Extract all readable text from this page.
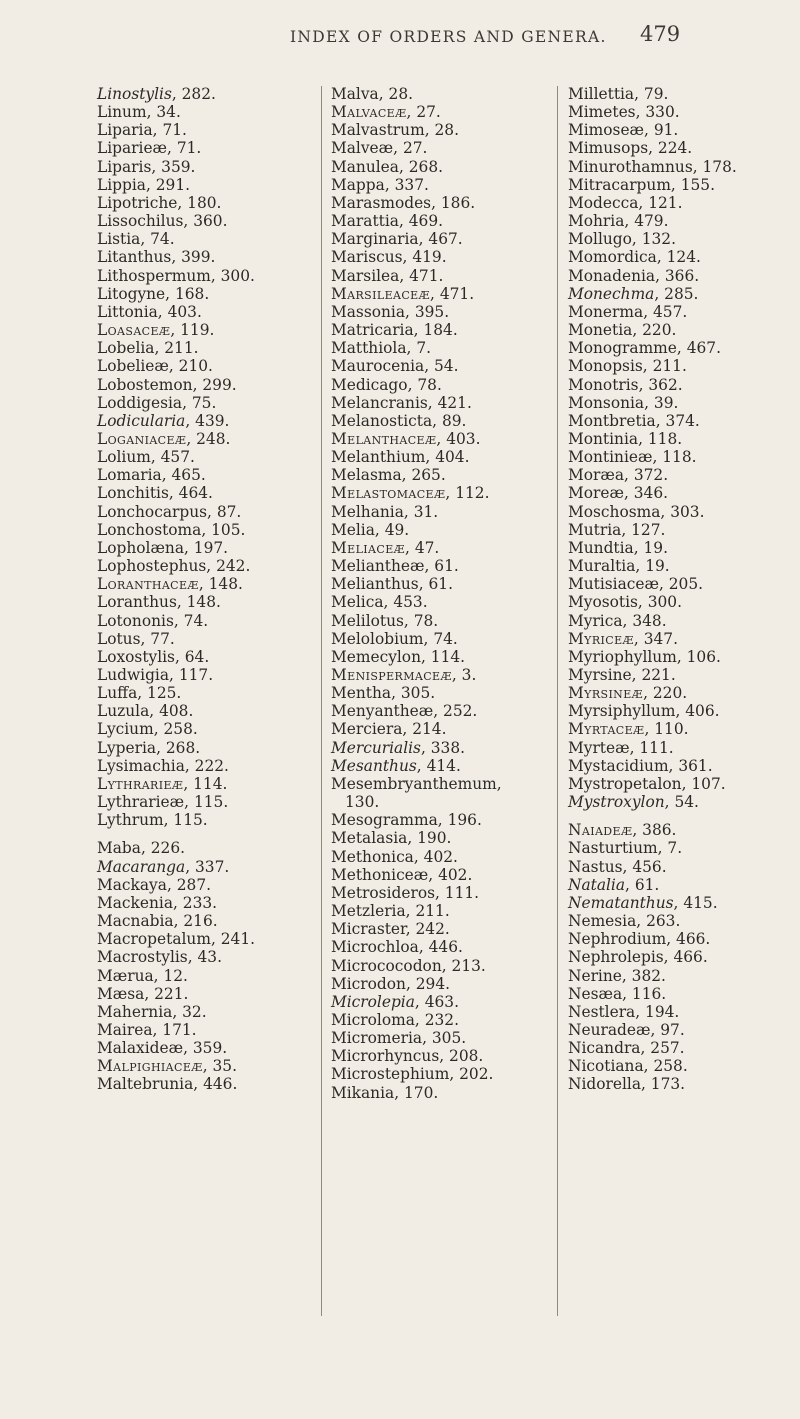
INDEX OF ORDERS AND GENERA. 479
Linostylis, 282.
Linum, 34.
Liparia, 71.
Liparieæ, 71.
Liparis, 359.
Lippia, 291.
Lipotriche, 180.
Lissochilus, 360.
Listia, 74.
Litanthus, 399.
Lithospermum, 300.
Litogyne, 168.
Littonia, 403.
Loasaceæ, 119.
Lobelia, 211.
Lobelieæ, 210.
Lobostemon, 299.
Loddigesia, 75.
Lodicularia, 439.
Loganiaceæ, 248.
Lolium, 457.
Lomaria, 465.
Lonchitis, 464.
Lonchocarpus, 87.
Lonchostoma, 105.
Lopholæna, 197.
Lophostephus, 242.
Loranthaceæ, 148.
Loranthus, 148.
Lotononis, 74.
Lotus, 77.
Loxostylis, 64.
Ludwigia, 117.
Luffa, 125.
Luzula, 408.
Lycium, 258.
Lyperia, 268.
Lysimachia, 222.
Lythrarieæ, 114.
Lythrarieæ, 115.
Lythrum, 115.
Maba, 226.
Macaranga, 337.
Mackaya, 287.
Mackenia, 233.
Macnabia, 216.
Macropetalum, 241.
Macrostylis, 43.
Mærua, 12.
Mæsa, 221.
Mahernia, 32.
Mairea, 171.
Malaxideæ, 359.
Malpighiaceæ, 35.
Maltebrunia, 446.
Malva, 28.
Malvaceæ, 27.
Malvastrum, 28.
Malveæ, 27.
Manulea, 268.
Mappa, 337.
Marasmodes, 186.
Marattia, 469.
Marginaria, 467.
Mariscus, 419.
Marsilea, 471.
Marsileaceæ, 471.
Massonia, 395.
Matricaria, 184.
Matthiola, 7.
Maurocenia, 54.
Medicago, 78.
Melancranis, 421.
Melanosticta, 89.
Melanthaceæ, 403.
Melanthium, 404.
Melasma, 265.
Melastomaceæ, 112.
Melhania, 31.
Melia, 49.
Meliaceæ, 47.
Melianthеæ, 61.
Melianthus, 61.
Melica, 453.
Melilotus, 78.
Melolobium, 74.
Memecylon, 114.
Menispermaceæ, 3.
Mentha, 305.
Menyantheæ, 252.
Merciera, 214.
Mercurialis, 338.
Mesanthus, 414.
Mesembryanthemum,
130.
Mesogramma, 196.
Metalasia, 190.
Methonica, 402.
Methoniceæ, 402.
Metrosideros, 111.
Metzleria, 211.
Micraster, 242.
Microchloa, 446.
Micrococodon, 213.
Microdon, 294.
Microlepia, 463.
Microloma, 232.
Micromeria, 305.
Microrhyncus, 208.
Microstephium, 202.
Mikania, 170.
Millettia, 79.
Mimetes, 330.
Mimoseæ, 91.
Mimusops, 224.
Minurothamnus, 178.
Mitracarpum, 155.
Modecca, 121.
Mohria, 479.
Mollugo, 132.
Momordica, 124.
Monadenia, 366.
Monechma, 285.
Monerma, 457.
Monetia, 220.
Monogramme, 467.
Monopsis, 211.
Monotris, 362.
Monsonia, 39.
Montbretia, 374.
Montinia, 118.
Montinieæ, 118.
Moræa, 372.
Moreæ, 346.
Moschosma, 303.
Mutria, 127.
Mundtia, 19.
Muraltia, 19.
Mutisiaceæ, 205.
Myosotis, 300.
Myrica, 348.
Myriceæ, 347.
Myriophyllum, 106.
Myrsine, 221.
Myrsineæ, 220.
Myrsiphyllum, 406.
Myrtaceæ, 110.
Myrteæ, 111.
Mystacidium, 361.
Mystropetalon, 107.
Mystroxylon, 54.
Naiadeæ, 386.
Nasturtium, 7.
Nastus, 456.
Natalia, 61.
Nematanthus, 415.
Nemesia, 263.
Nephrodium, 466.
Nephrolepis, 466.
Nerine, 382.
Nesæa, 116.
Nestlera, 194.
Neuradeæ, 97.
Nicandra, 257.
Nicotiana, 258.
Nidorella, 173.
